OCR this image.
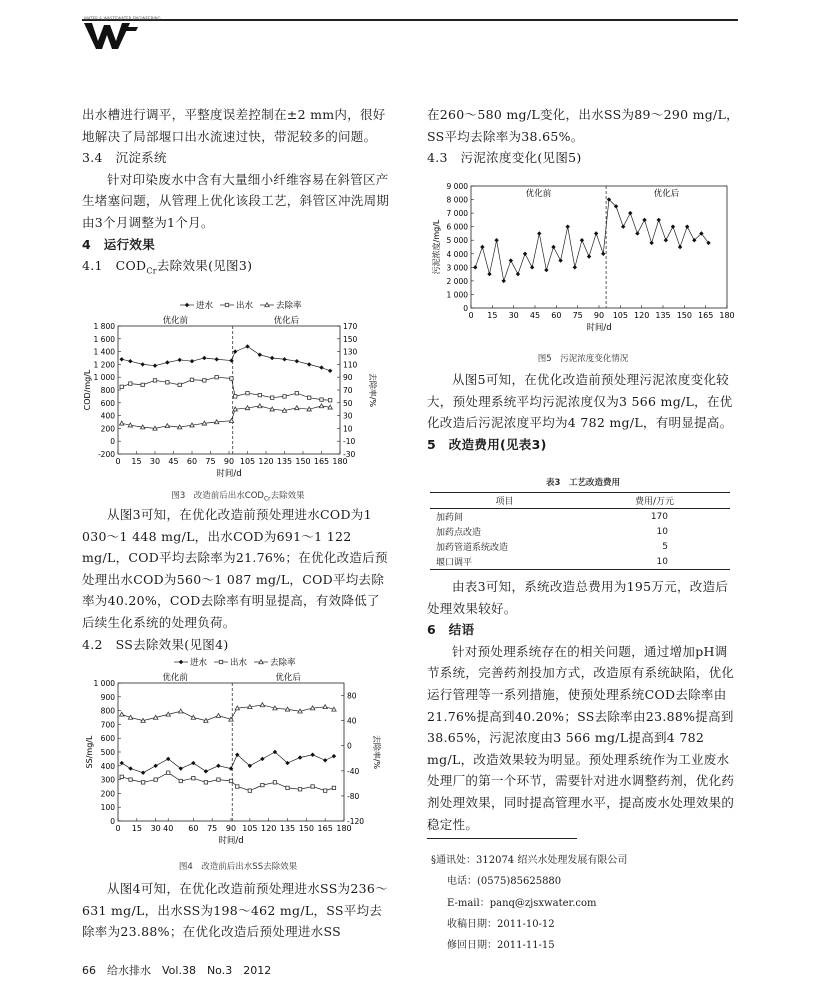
WATER & WASTEWATER ENGINEERING

出水槽进行调平，平整度误差控制在±2 mm内，很好地解决了局部堰口出水流速过快，带泥较多的问题。

3.4　沉淀系统

针对印染废水中含有大量细小纤维容易在斜管区产生堵塞问题，从管理上优化该段工艺，斜管区冲洗周期由3个月调整为1个月。

4　运行效果

4.1　$COD_{Cr}$去除效果(见图3)

0 15 30 45 60 75 90 105 120 135 150 165 180
-200
0
200
400
600
800
1 000
1 200
1 400
1 600
1 800
-30
-10
10
30
50
70
90
110
130
150
170
去除率/%
时间/d
COD/mg/L
优化前	优化后
进水	出水	去除率
图3　改造前后出水$COD_{Cr}$去除效果

从图3可知，在优化改造前预处理进水COD为1 030～1 448 mg/L，出水COD为691～1 122 mg/L，COD平均去除率为21.76%；在优化改造后预处理出水COD为560～1 087 mg/L，COD平均去除率为40.20%，COD去除率有明显提高，有效降低了后续生化系统的处理负荷。

4.2　SS去除效果(见图4)

0 15 30 40 60 75 90 105 120 135 150 165 180
0
100
200
300
400
500
600
700
800
900
1 000
-120
-80
-40
0
40
80
去除率/%
时间/d
SS/mg/L
优化前	优化后
进水	出水	去除率
图4　改造前后出水SS去除效果

从图4可知，在优化改造前预处理进水SS为236～631 mg/L，出水SS为198～462 mg/L，SS平均去除率为23.88%；在优化改造后预处理进水SS

在260～580 mg/L变化，出水SS为89～290 mg/L，SS平均去除率为38.65%。

4.3　污泥浓度变化(见图5)

0 15 30 45 60 75 90 105 120 135 150 165 180
0
1 000
2 000
3 000
4 000
5 000
6 000
7 000
8 000
9 000
时间/d
污泥浓度/mg/L
优化前	优化后
图5　污泥浓度变化情况

从图5可知，在优化改造前预处理污泥浓度变化较大，预处理系统平均污泥浓度仅为3 566 mg/L，在优化改造后污泥浓度平均为4 782 mg/L，有明显提高。

5　改造费用(见表3)

表3　工艺改造费用
项目	费用/万元
加药间	170
加药点改造	10
加药管道系统改造	5
堰口调平	10

由表3可知，系统改造总费用为195万元，改造后处理效果较好。

6　结语

针对预处理系统存在的相关问题，通过增加pH调节系统，完善药剂投加方式，改造原有系统缺陷，优化运行管理等一系列措施，使预处理系统COD去除率由21.76%提高到40.20%；SS去除率由23.88%提高到38.65%，污泥浓度由3 566 mg/L提高到4 782 mg/L，改造效果较为明显。预处理系统作为工业废水处理厂的第一个环节，需要针对进水调整药剂，优化药剂处理效果，同时提高管理水平，提高废水处理效果的稳定性。

§通讯处：312074 绍兴水处理发展有限公司
电话：(0575)85625880
E-mail：panq@zjsxwater.com
收稿日期：2011-10-12
修回日期：2011-11-15
66　给水排水　Vol.38　No.3　2012
